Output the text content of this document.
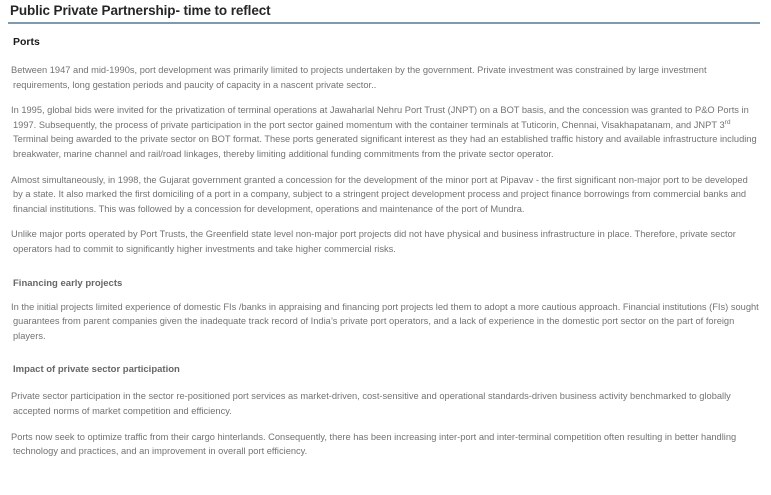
Public Private Partnership- time to reflect
Ports

Between 1947 and mid-1990s, port development was primarily limited to projects undertaken by the government. Private investment was constrained by large investment requirements, long gestation periods and paucity of capacity in a nascent private sector..

In 1995, global bids were invited for the privatization of terminal operations at Jawaharlal Nehru Port Trust (JNPT) on a BOT basis, and the concession was granted to P&O Ports in 1997. Subsequently, the process of private participation in the port sector gained momentum with the container terminals at Tuticorin, Chennai, Visakhapatanam, and JNPT 3rd Terminal being awarded to the private sector on BOT format. These ports generated significant interest as they had an established traffic history and available infrastructure including breakwater, marine channel and rail/road linkages, thereby limiting additional funding commitments from the private sector operator.

Almost simultaneously, in 1998, the Gujarat government granted a concession for the development of the minor port at Pipavav - the first significant non-major port to be developed by a state. It also marked the first domiciling of a port in a company, subject to a stringent project development process and project finance borrowings from commercial banks and financial institutions. This was followed by a concession for development, operations and maintenance of the port of Mundra.

Unlike major ports operated by Port Trusts, the Greenfield state level non-major port projects did not have physical and business infrastructure in place. Therefore, private sector operators had to commit to significantly higher investments and take higher commercial risks.

Financing early projects

In the initial projects limited experience of domestic FIs /banks in appraising and financing port projects led them to adopt a more cautious approach. Financial institutions (FIs) sought guarantees from parent companies given the inadequate track record of India’s private port operators, and a lack of experience in the domestic port sector on the part of foreign players.

Impact of private sector participation

Private sector participation in the sector re-positioned port services as market-driven, cost-sensitive and operational standards-driven business activity benchmarked to globally accepted norms of market competition and efficiency.

Ports now seek to optimize traffic from their cargo hinterlands. Consequently, there has been increasing inter-port and inter-terminal competition often resulting in better handling technology and practices, and an improvement in overall port efficiency.
